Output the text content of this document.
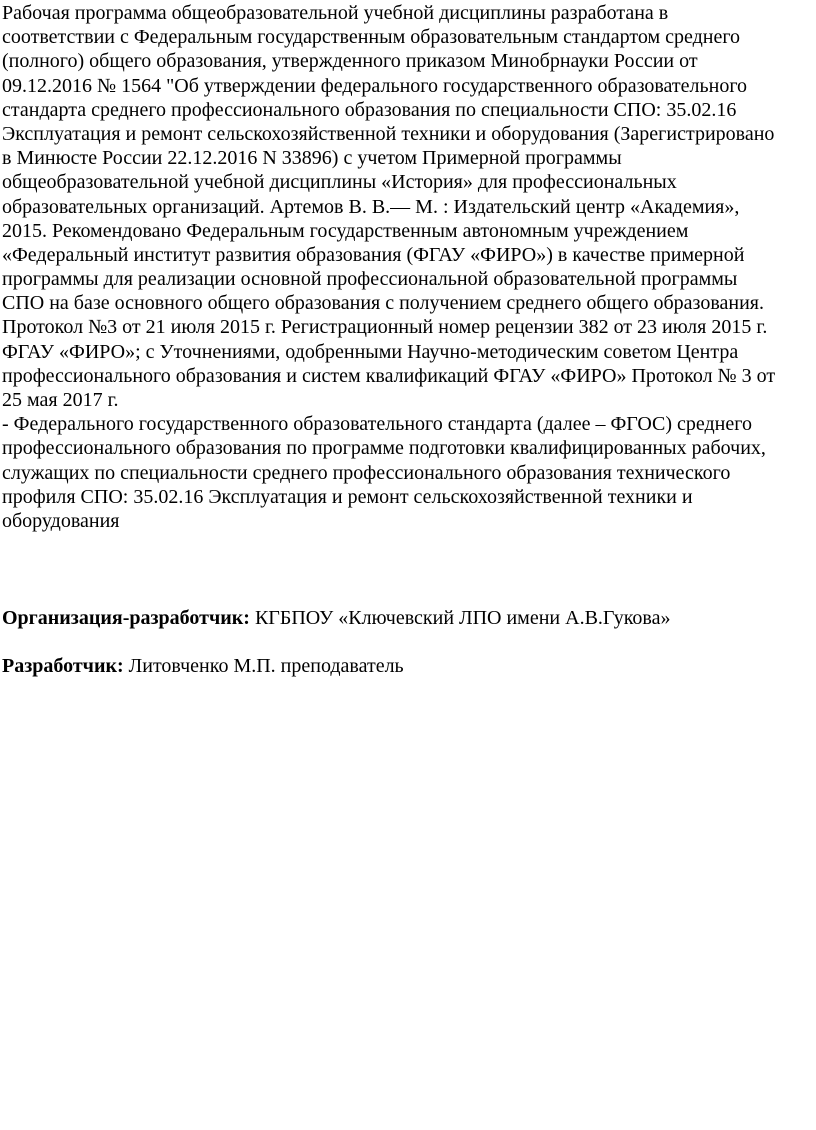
Рабочая программа общеобразовательной учебной дисциплины разработана в
соответствии с Федеральным государственным образовательным стандартом среднего
(полного) общего образования, утвержденного приказом Минобрнауки России от
09.12.2016 № 1564 "Об утверждении федерального государственного образовательного
стандарта среднего профессионального образования по специальности СПО: 35.02.16
Эксплуатация и ремонт сельскохозяйственной техники и оборудования (Зарегистрировано
в Минюсте России 22.12.2016 N 33896) с учетом Примерной программы
общеобразовательной учебной дисциплины «История» для профессиональных
образовательных организаций. Артемов В. В.— М. : Издательский центр «Академия»,
2015. Рекомендовано Федеральным государственным автономным учреждением
«Федеральный институт развития образования (ФГАУ «ФИРО») в качестве примерной
программы для реализации основной профессиональной образовательной программы
СПО на базе основного общего образования с получением среднего общего образования.
Протокол №3 от 21 июля 2015 г. Регистрационный номер рецензии 382 от 23 июля 2015 г.
ФГАУ «ФИРО»; с Уточнениями, одобренными Научно-методическим советом Центра
профессионального образования и систем квалификаций ФГАУ «ФИРО» Протокол № 3 от
25 мая 2017 г.
- Федерального государственного образовательного стандарта (далее – ФГОС) среднего
профессионального образования по программе подготовки квалифицированных рабочих,
служащих по специальности среднего профессионального образования технического
профиля СПО: 35.02.16 Эксплуатация и ремонт сельскохозяйственной техники и
оборудования
Организация-разработчик: КГБПОУ «Ключевский ЛПО имени А.В.Гукова»
Разработчик: Литовченко М.П. преподаватель
